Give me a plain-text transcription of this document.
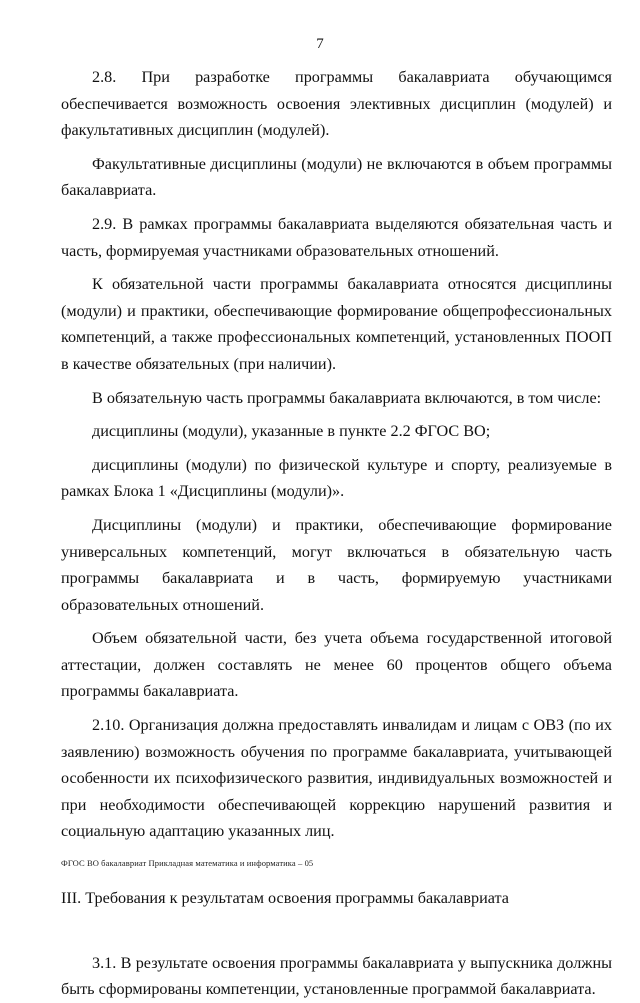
7

2.8. При разработке программы бакалавриата обучающимся обеспечивается возможность освоения элективных дисциплин (модулей) и факультативных дисциплин (модулей).

Факультативные дисциплины (модули) не включаются в объем программы бакалавриата.

2.9. В рамках программы бакалавриата выделяются обязательная часть и часть, формируемая участниками образовательных отношений.

К обязательной части программы бакалавриата относятся дисциплины (модули) и практики, обеспечивающие формирование общепрофессиональных компетенций, а также профессиональных компетенций, установленных ПООП в качестве обязательных (при наличии).

В обязательную часть программы бакалавриата включаются, в том числе:

дисциплины (модули), указанные в пункте 2.2 ФГОС ВО;

дисциплины (модули) по физической культуре и спорту, реализуемые в рамках Блока 1 «Дисциплины (модули)».

Дисциплины (модули) и практики, обеспечивающие формирование универсальных компетенций, могут включаться в обязательную часть программы бакалавриата и в часть, формируемую участниками образовательных отношений.

Объем обязательной части, без учета объема государственной итоговой аттестации, должен составлять не менее 60 процентов общего объема программы бакалавриата.

2.10. Организация должна предоставлять инвалидам и лицам с ОВЗ (по их заявлению) возможность обучения по программе бакалавриата, учитывающей особенности их психофизического развития, индивидуальных возможностей и при необходимости обеспечивающей коррекцию нарушений развития и социальную адаптацию указанных лиц.

III. Требования к результатам освоения программы бакалавриата

3.1. В результате освоения программы бакалавриата у выпускника должны быть сформированы компетенции, установленные программой бакалавриата.

ФГОС ВО бакалавриат Прикладная математика и информатика – 05
